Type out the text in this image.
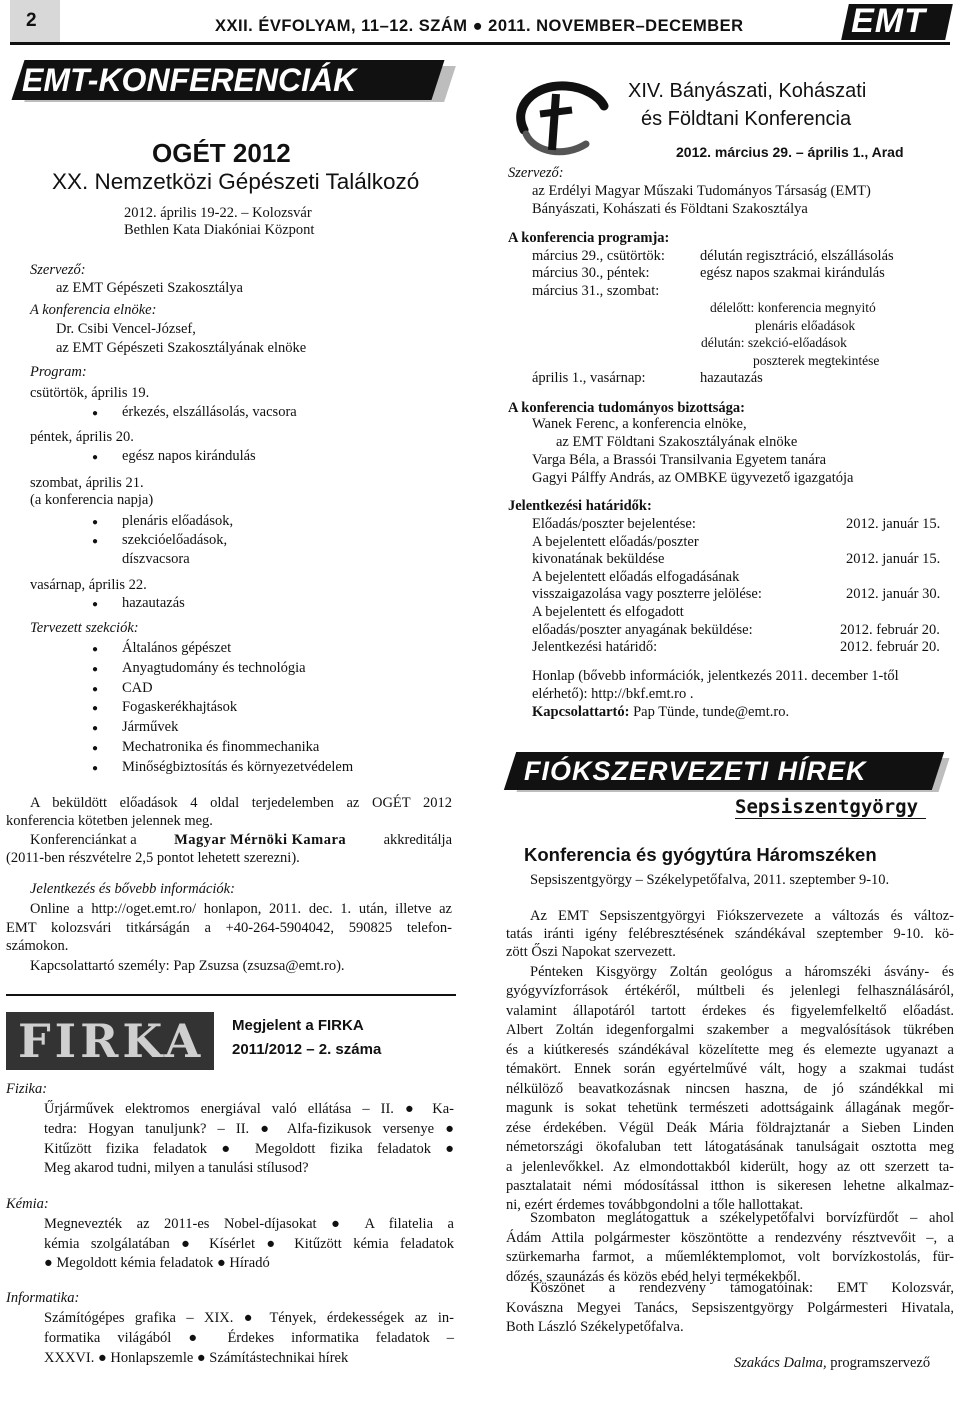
2	XXII. ÉVFOLYAM, 11–12. SZÁM ● 2011. NOVEMBER–DECEMBER	EMT
EMT-KONFERENCIÁK
OGÉT 2012
XX. Nemzetközi Gépészeti Találkozó
2012. április 19-22. – Kolozsvár
Bethlen Kata Diakóniai Központ
Szervező:
az EMT Gépészeti Szakosztálya
A konferencia elnöke:
Dr. Csibi Vencel-József,
az EMT Gépészeti Szakosztályának elnöke
Program:
csütörtök, április 19.
● érkezés, elszállásolás, vacsora
péntek, április 20.
● egész napos kirándulás
szombat, április 21.
(a konferencia napja)
● plenáris előadások,
● szekcióelőadások,
díszvacsora
vasárnap, április 22.
● hazautazás
Tervezett szekciók:
● Általános gépészet
● Anyagtudomány és technológia
● CAD
● Fogaskerékhajtások
● Járművek
● Mechatronika és finommechanika
● Minőségbiztosítás és környezetvédelem
A beküldött előadások 4 oldal terjedelemben az OGÉT 2012
konferencia kötetben jelennek meg.
Konferenciánkat a	Magyar Mérnöki Kamara	akkreditálja
(2011-ben részvételre 2,5 pontot lehetett szerezni).
Jelentkezés és bővebb információk:
Online a http://oget.emt.ro/ honlapon, 2011. dec. 1. után, illetve az
EMT kolozsvári titkárságán a +40-264-5904042, 590825 telefon-
számokon.
Kapcsolattartó személy: Pap Zsuzsa (zsuzsa@emt.ro).
FIRKA Megjelent a FIRKA
2011/2012 – 2. száma
Fizika:
Űrjárművek elektromos energiával való ellátása – II. ● Ka-
tedra: Hogyan tanuljunk? – II. ● Alfa-fizikusok versenye ●
Kitűzött fizika feladatok ● Megoldott fizika feladatok ●
Meg akarod tudni, milyen a tanulási stílusod?
Kémia:
Megnevezték az 2011-es Nobel-díjasokat ● A filatelia a
kémia szolgálatában ● Kísérlet ● Kitűzött kémia feladatok
● Megoldott kémia feladatok ● Híradó
Informatika:
Számítógépes grafika – XIX. ● Tények, érdekességek az in-
formatika világából ● Érdekes informatika feladatok –
XXXVI. ● Honlapszemle ● Számítástechnikai hírek
XIV. Bányászati, Kohászati
és Földtani Konferencia
2012. március 29. – április 1., Arad
Szervező:
az Erdélyi Magyar Műszaki Tudományos Társaság (EMT)
Bányászati, Kohászati és Földtani Szakosztálya
A konferencia programja:
március 29., csütörtök: délután regisztráció, elszállásolás
március 30., péntek:	egész napos szakmai kirándulás
március 31., szombat:
délelőtt: konferencia megnyitó
plenáris előadások
délután: szekció-előadások
poszterek megtekintése
április 1., vasárnap:	hazautazás
A konferencia tudományos bizottsága:
Wanek Ferenc, a konferencia elnöke,
az EMT Földtani Szakosztályának elnöke
Varga Béla, a Brassói Transilvania Egyetem tanára
Gagyi Pálffy András, az OMBKE ügyvezető igazgatója
Jelentkezési határidők:
Előadás/poszter bejelentése:	2012. január 15.
A bejelentett előadás/poszter
kivonatának beküldése	2012. január 15.
A bejelentett előadás elfogadásának
visszaigazolása vagy poszterre jelölése:	2012. január 30.
A bejelentett és elfogadott
előadás/poszter anyagának beküldése:	2012. február 20.
Jelentkezési határidő:	2012. február 20.
Honlap (bővebb információk, jelentkezés 2011. december 1-től
elérhető): http://bkf.emt.ro .
Kapcsolattartó: Pap Tünde, tunde@emt.ro.
FIÓKSZERVEZETI HÍREK
Sepsiszentgyörgy
Konferencia és gyógytúra Háromszéken
Sepsiszentgyörgy – Székelypetőfalva, 2011. szeptember 9-10.
Az EMT Sepsiszentgyörgyi Fiókszervezete a változás és változ-
tatás iránti igény felébresztésének szándékával szeptember 9-10. kö-
zött Őszi Napokat szervezett.
Pénteken Kisgyörgy Zoltán geológus a háromszéki ásvány- és
gyógyvízforrások értékéről, múltbeli és jelenlegi felhasználásáról,
valamint állapotáról tartott érdekes és figyelemfelkeltő előadást.
Albert Zoltán idegenforgalmi szakember a megvalósítások tükrében
és a kiútkeresés szándékával közelítette meg és elemezte ugyanazt a
témakört. Ennek során egyértelművé vált, hogy a szakmai tudást
nélkülöző beavatkozásnak nincsen haszna, de jó szándékkal mi
magunk is sokat tehetünk természeti adottságaink állagának megőr-
zése érdekében. Végül Deák Mária földrajztanár a Sieben Linden
németországi ökofaluban tett látogatásának tanulságait osztotta meg
a jelenlevőkkel. Az elmondottakból kiderült, hogy az ott szerzett ta-
pasztalatait némi módosítással itthon is sikeresen lehetne alkalmaz-
ni, ezért érdemes továbbgondolni a tőle hallottakat.
Szombaton meglátogattuk a székelypetőfalvi borvízfürdőt – ahol
Ádám Attila polgármester köszöntötte a rendezvény résztvevőit –, a
szürkemarha farmot, a műemléktemplomot, volt borvízkostolás, für-
dőzés, szaunázás és közös ebéd helyi termékekből.
Köszönet a rendezvény támogatóinak: EMT Kolozsvár,
Kovászna Megyei Tanács, Sepsiszentgyörgy Polgármesteri Hivatala,
Both László Székelypetőfalva.
Szakács Dalma, programszervező
